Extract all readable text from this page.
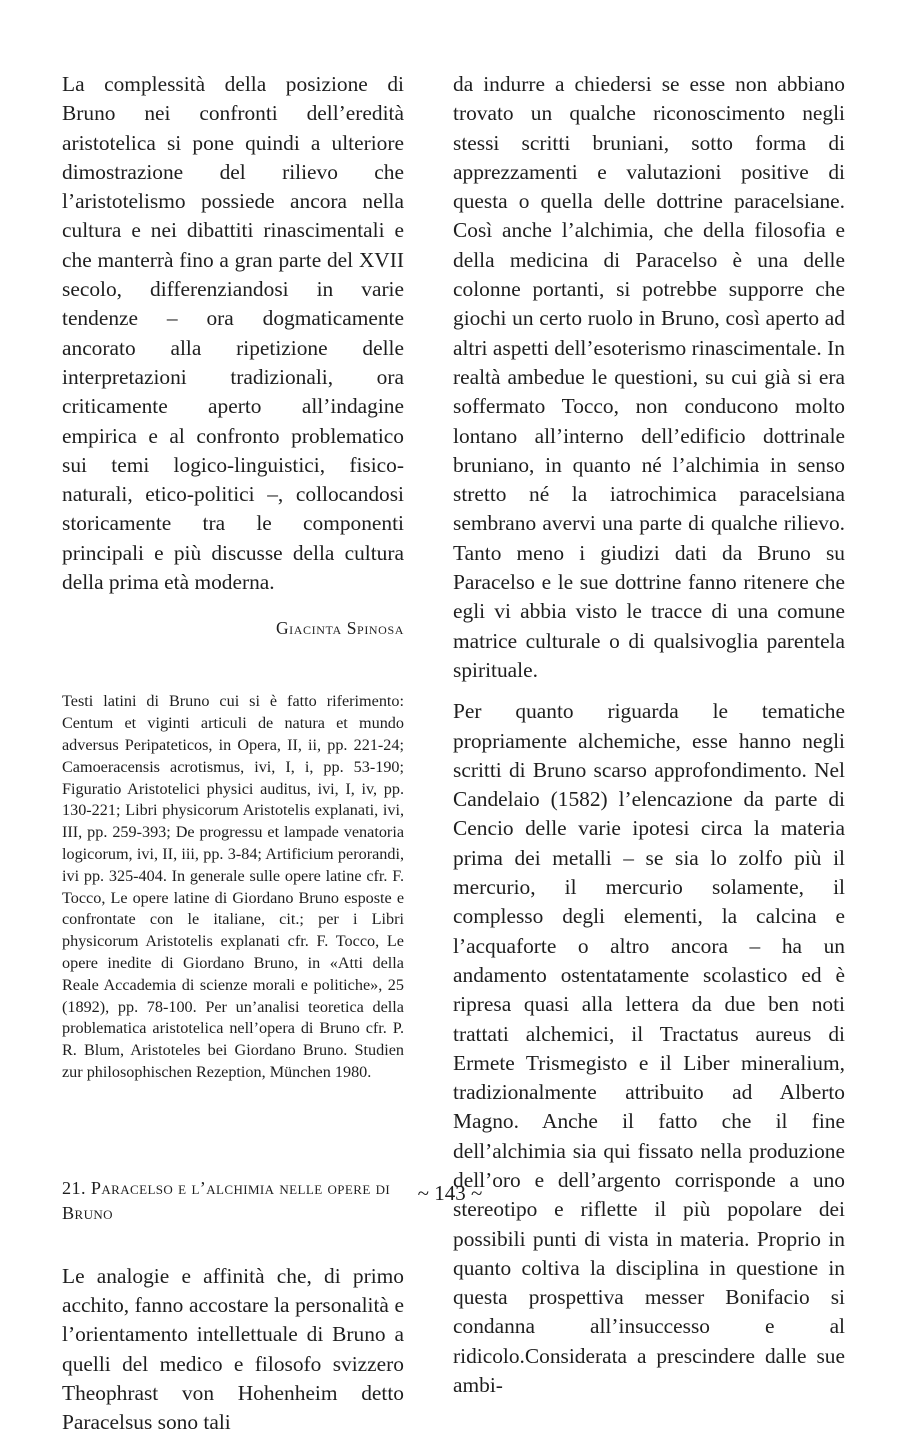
La complessità della posizione di Bruno nei confronti dell’eredità aristotelica si pone quindi a ulteriore dimostrazione del rilievo che l’aristotelismo possiede ancora nella cultura e nei dibattiti rinascimentali e che manterrà fino a gran parte del XVII secolo, differenziandosi in varie tendenze – ora dogmaticamente ancorato alla ripetizione delle interpretazioni tradizionali, ora criticamente aperto all’indagine empirica e al confronto problematico sui temi logico-linguistici, fisico-naturali, etico-politici –, collocandosi storicamente tra le componenti principali e più discusse della cultura della prima età moderna.

Giacinta Spinosa

Testi latini di Bruno cui si è fatto riferimento: Centum et viginti articuli de natura et mundo adversus Peripateticos, in Opera, II, ii, pp. 221-24; Camoeracensis acrotismus, ivi, I, i, pp. 53-190; Figuratio Aristotelici physici auditus, ivi, I, iv, pp. 130-221; Libri physicorum Aristotelis explanati, ivi, III, pp. 259-393; De progressu et lampade venatoria logicorum, ivi, II, iii, pp. 3-84; Artificium perorandi, ivi pp. 325-404. In generale sulle opere latine cfr. F. Tocco, Le opere latine di Giordano Bruno esposte e confrontate con le italiane, cit.; per i Libri physicorum Aristotelis explanati cfr. F. Tocco, Le opere inedite di Giordano Bruno, in «Atti della Reale Accademia di scienze morali e politiche», 25 (1892), pp. 78-100. Per un’analisi teoretica della problematica aristotelica nell’opera di Bruno cfr. P. R. Blum, Aristoteles bei Giordano Bruno. Studien zur philosophischen Rezeption, München 1980.

21. Paracelso e l’alchimia nelle opere di Bruno

Le analogie e affinità che, di primo acchito, fanno accostare la personalità e l’orientamento intellettuale di Bruno a quelli del medico e filosofo svizzero Theophrast von Hohenheim detto Paracelsus sono tali

da indurre a chiedersi se esse non abbiano trovato un qualche riconoscimento negli stessi scritti bruniani, sotto forma di apprezzamenti e valutazioni positive di questa o quella delle dottrine paracelsiane. Così anche l’alchimia, che della filosofia e della medicina di Paracelso è una delle colonne portanti, si potrebbe supporre che giochi un certo ruolo in Bruno, così aperto ad altri aspetti dell’esoterismo rinascimentale. In realtà ambedue le questioni, su cui già si era soffermato Tocco, non conducono molto lontano all’interno dell’edificio dottrinale bruniano, in quanto né l’alchimia in senso stretto né la iatrochimica paracelsiana sembrano avervi una parte di qualche rilievo. Tanto meno i giudizi dati da Bruno su Paracelso e le sue dottrine fanno ritenere che egli vi abbia visto le tracce di una comune matrice culturale o di qualsivoglia parentela spirituale.

Per quanto riguarda le tematiche propriamente alchemiche, esse hanno negli scritti di Bruno scarso approfondimento. Nel Candelaio (1582) l’elencazione da parte di Cencio delle varie ipotesi circa la materia prima dei metalli – se sia lo zolfo più il mercurio, il mercurio solamente, il complesso degli elementi, la calcina e l’acquaforte o altro ancora – ha un andamento ostentatamente scolastico ed è ripresa quasi alla lettera da due ben noti trattati alchemici, il Tractatus aureus di Ermete Trismegisto e il Liber mineralium, tradizionalmente attribuito ad Alberto Magno. Anche il fatto che il fine dell’alchimia sia qui fissato nella produzione dell’oro e dell’argento corrisponde a uno stereotipo e riflette il più popolare dei possibili punti di vista in materia. Proprio in quanto coltiva la disciplina in questione in questa prospettiva messer Bonifacio si condanna all’insuccesso e al ridicolo.Considerata a prescindere dalle sue ambi-

~ 143 ~
